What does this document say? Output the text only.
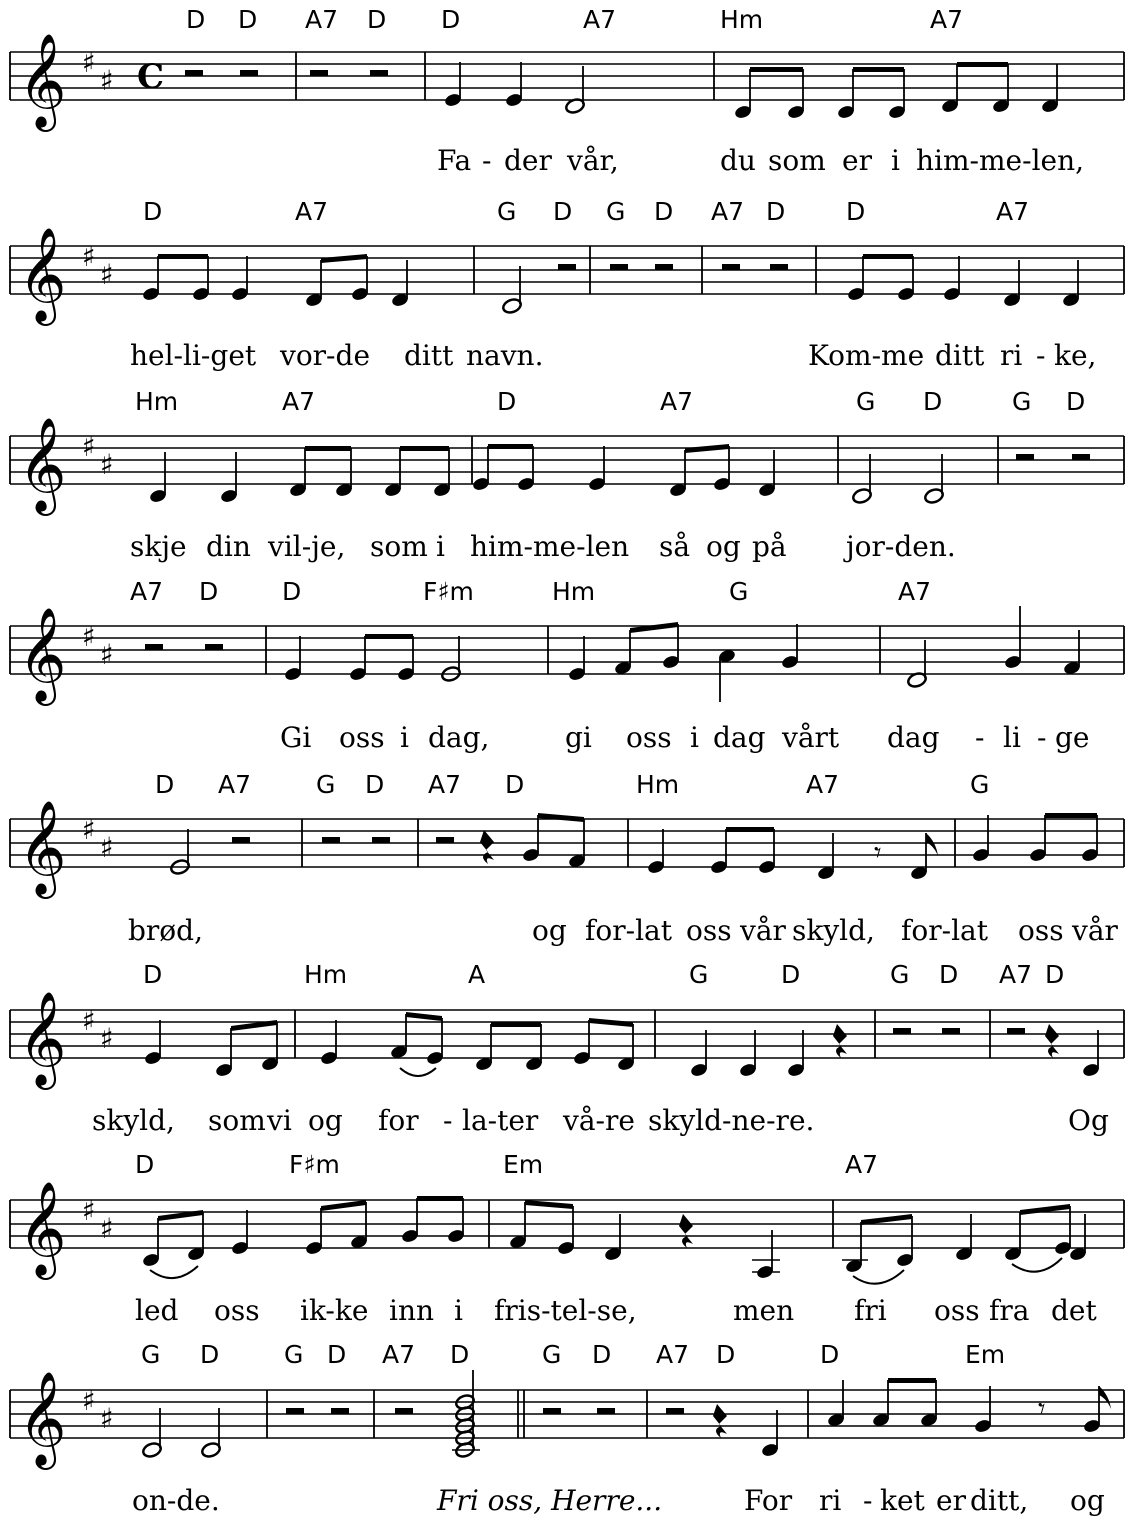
D D A7 D D	A7	Hm	A7
𝄞 ♯
♯ C
Fa - der vår,	du som er i him-me-len,
D	A7	G D G D A7 D D	A7
𝄞 ♯
♯
hel-li-get vor-de ditt navn.	Kom-me ditt ri - ke,
Hm	A7	D	A7	G D	G D
𝄞 ♯
♯
skje din vil-je, som i him-me-len så og på jor-den.
A7 D	D	F♯m	Hm	G	A7
𝄞 ♯
♯
Gi oss i dag,	gi oss i dag vårt dag - li - ge
D A7	G D A7 D	Hm	A7	G
𝄞 ♯
♯	𝄾
brød,	og for-lat oss vår skyld, for-lat oss vår
D	Hm	A	G	D	G D A7 D
𝄞 ♯
♯
skyld, som vi og for - la-ter vå-re skyld-ne-re.	Og
D	F♯m	Em	A7
𝄞 ♯
♯
led oss ik-ke inn i fris-tel-se,	men fri oss fra det
G D	G D A7 D	G D A7 D	D	Em
𝄞 ♯
♯	𝄾
on-de.	Fri oss, Herre...	For ri - ket er ditt, og
